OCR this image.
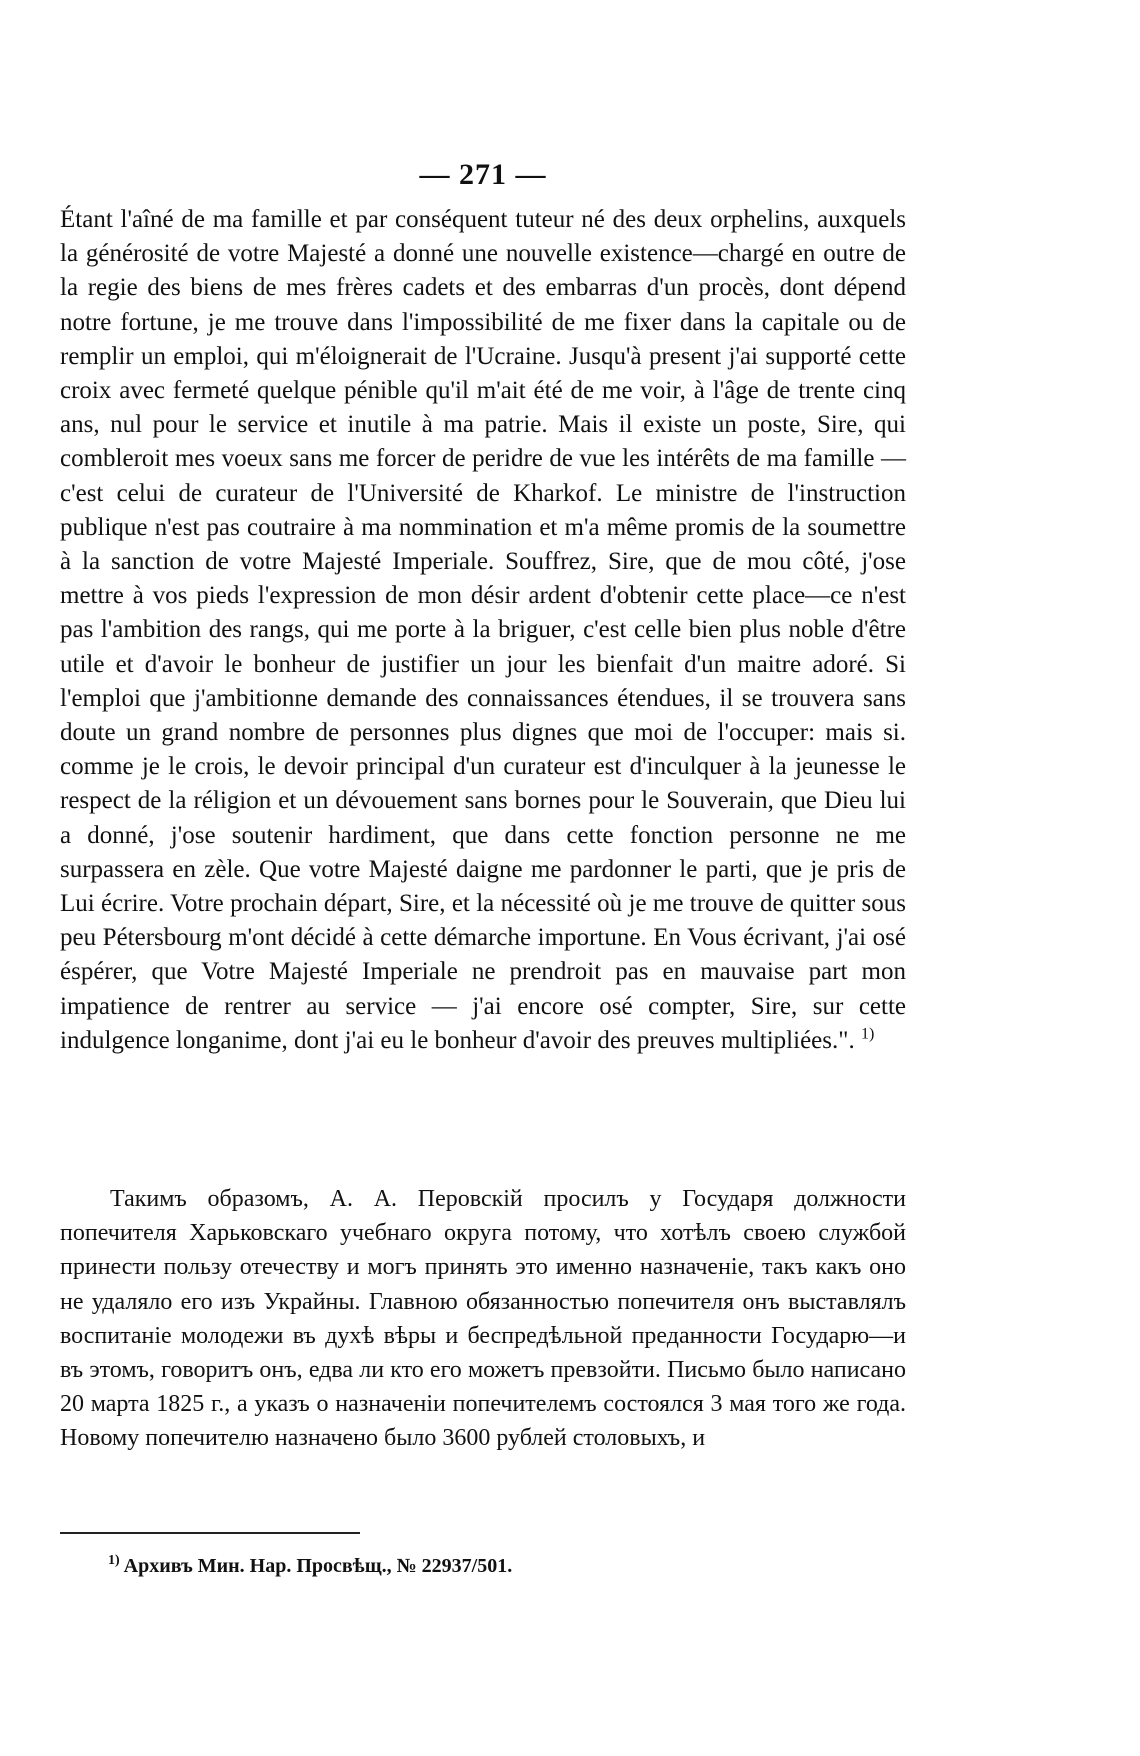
— 271 —

Étant l'aîné de ma famille et par conséquent tuteur né des deux orphelins, auxquels la générosité de votre Majesté a donné une nouvelle existence—chargé en outre de la regie des biens de mes frères cadets et des embarras d'un procès, dont dépend notre fortune, je me trouve dans l'impossibilité de me fixer dans la capitale ou de remplir un emploi, qui m'éloignerait de l'Ucraine. Jusqu'à present j'ai supporté cette croix avec fermeté quelque pénible qu'il m'ait été de me voir, à l'âge de trente cinq ans, nul pour le service et inutile à ma patrie. Mais il existe un poste, Sire, qui combleroit mes voeux sans me forcer de peridre de vue les intérêts de ma famille — c'est celui de curateur de l'Université de Kharkof. Le ministre de l'instruction publique n'est pas coutraire à ma nommination et m'a même promis de la soumettre à la sanction de votre Majesté Imperiale. Souffrez, Sire, que de mou côté, j'ose mettre à vos pieds l'expression de mon désir ardent d'obtenir cette place—ce n'est pas l'ambition des rangs, qui me porte à la briguer, c'est celle bien plus noble d'être utile et d'avoir le bonheur de justifier un jour les bienfait d'un maitre adoré. Si l'emploi que j'ambitionne demande des connaissances étendues, il se trouvera sans doute un grand nombre de personnes plus dignes que moi de l'occuper: mais si. comme je le crois, le devoir principal d'un curateur est d'inculquer à la jeunesse le respect de la réligion et un dévouement sans bornes pour le Souverain, que Dieu lui a donné, j'ose soutenir hardiment, que dans cette fonction personne ne me surpassera en zèle. Que votre Majesté daigne me pardonner le parti, que je pris de Lui écrire. Votre prochain départ, Sire, et la nécessité où je me trouve de quitter sous peu Pétersbourg m'ont décidé à cette démarche importune. En Vous écrivant, j'ai osé éspérer, que Votre Majesté Imperiale ne prendroit pas en mauvaise part mon impatience de rentrer au service — j'ai encore osé compter, Sire, sur cette indulgence longanime, dont j'ai eu le bonheur d'avoir des preuves multipliées.". $^{1)}$

Такимъ образомъ, А. А. Перовскій просилъ у Государя должности попечителя Харьковскаго учебнаго округа потому, что хотѣлъ своею службой принести пользу отечеству и могъ принять это именно назначеніе, такъ какъ оно не удаляло его изъ Украйны. Главною обязанностью попечителя онъ выставлялъ воспитаніе молодежи въ духѣ вѣры и беспредѣльной преданности Государю—и въ этомъ, говоритъ онъ, едва ли кто его можетъ превзойти. Письмо было написано 20 марта 1825 г., а указъ о назначеніи попечителемъ состоялся 3 мая того же года. Новому попечителю назначено было 3600 рублей столовыхъ, и

$^{1)}$ Архивъ Мин. Нар. Просвѣщ., № 22937/501.
